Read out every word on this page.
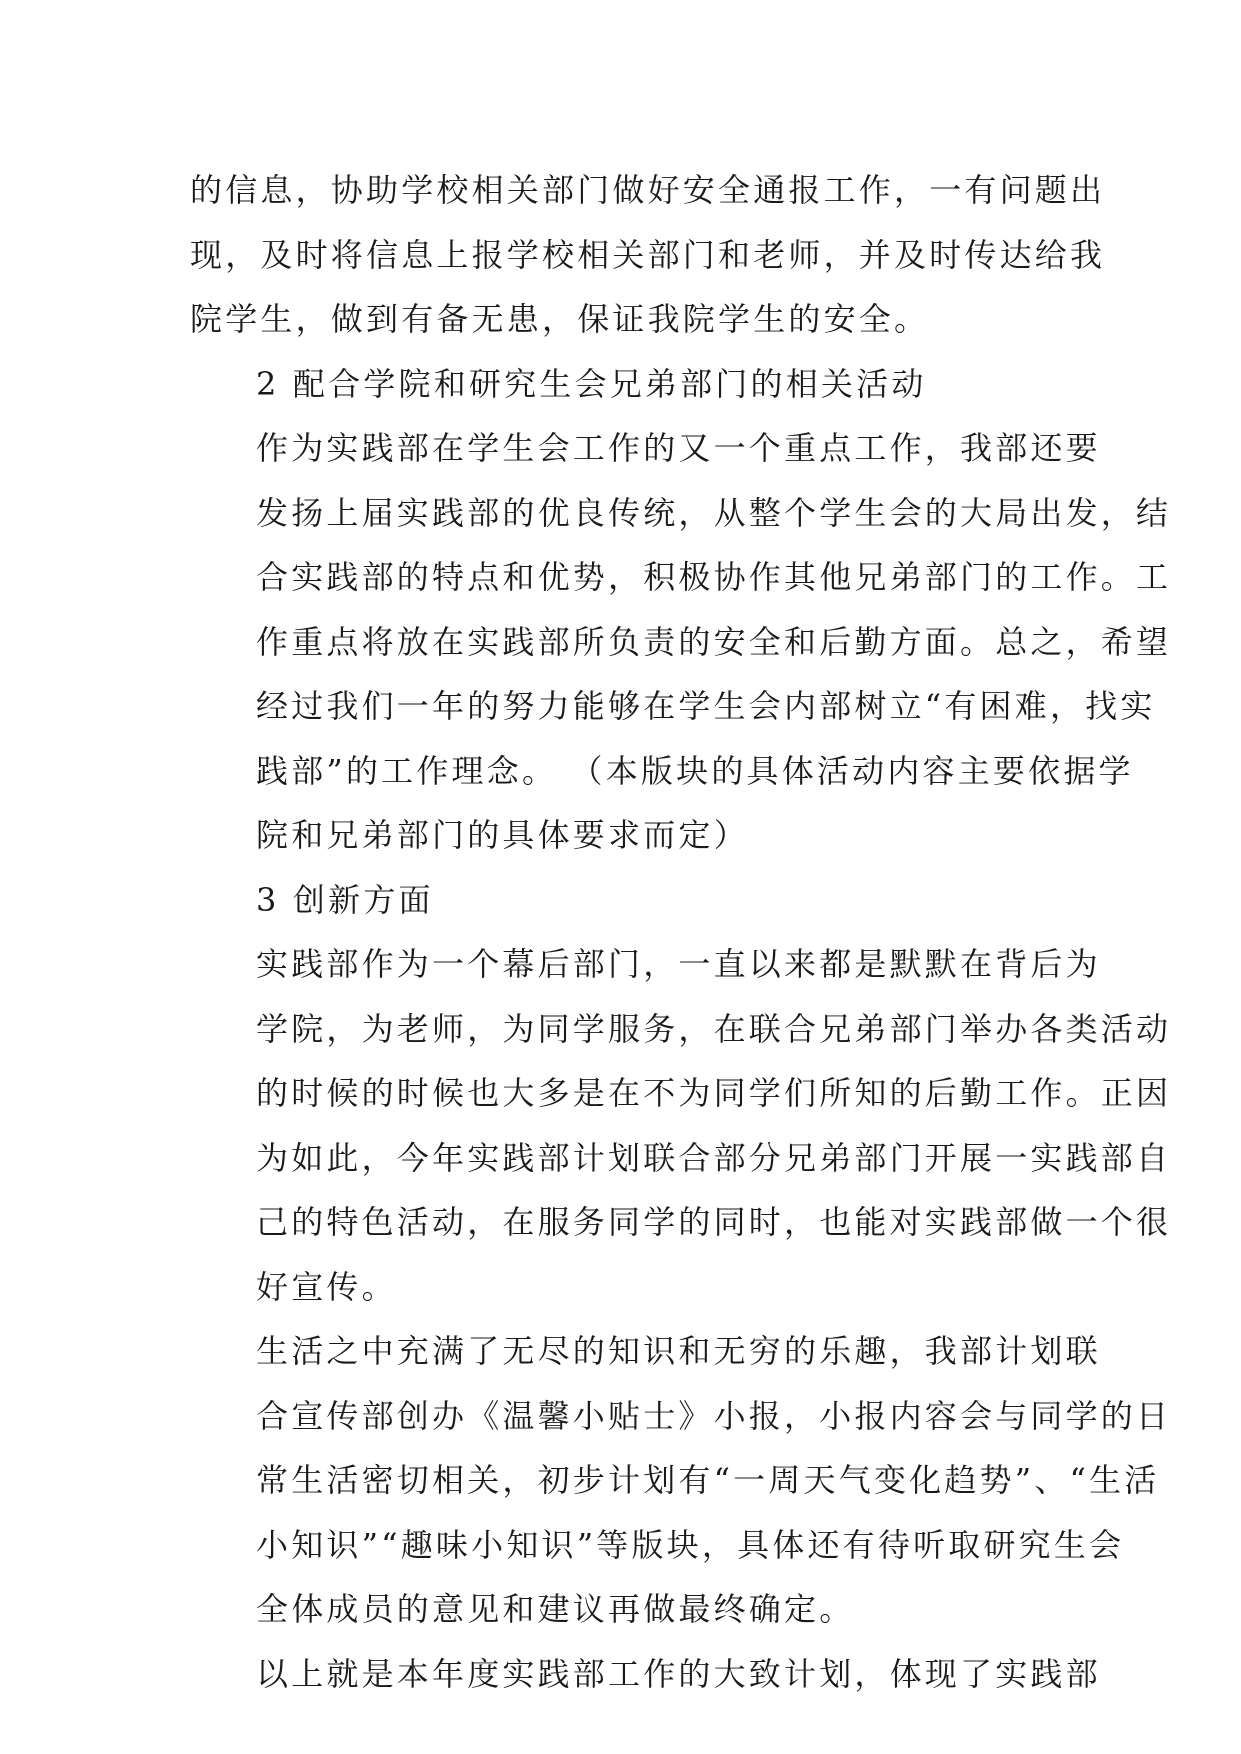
的信息，协助学校相关部门做好安全通报工作，一有问题出
现，及时将信息上报学校相关部门和老师，并及时传达给我
院学生，做到有备无患，保证我院学生的安全。

2 配合学院和研究生会兄弟部门的相关活动

作为实践部在学生会工作的又一个重点工作，我部还要
发扬上届实践部的优良传统，从整个学生会的大局出发，结
合实践部的特点和优势，积极协作其他兄弟部门的工作。工
作重点将放在实践部所负责的安全和后勤方面。总之，希望
经过我们一年的努力能够在学生会内部树立“有困难，找实
践部”的工作理念。 （本版块的具体活动内容主要依据学
院和兄弟部门的具体要求而定）

3 创新方面

实践部作为一个幕后部门，一直以来都是默默在背后为
学院，为老师，为同学服务，在联合兄弟部门举办各类活动
的时候的时候也大多是在不为同学们所知的后勤工作。正因
为如此，今年实践部计划联合部分兄弟部门开展一实践部自
己的特色活动，在服务同学的同时，也能对实践部做一个很
好宣传。

生活之中充满了无尽的知识和无穷的乐趣，我部计划联
合宣传部创办《温馨小贴士》小报，小报内容会与同学的日
常生活密切相关，初步计划有“一周天气变化趋势”、“生活
小知识”“趣味小知识”等版块，具体还有待听取研究生会
全体成员的意见和建议再做最终确定。

以上就是本年度实践部工作的大致计划，体现了实践部
